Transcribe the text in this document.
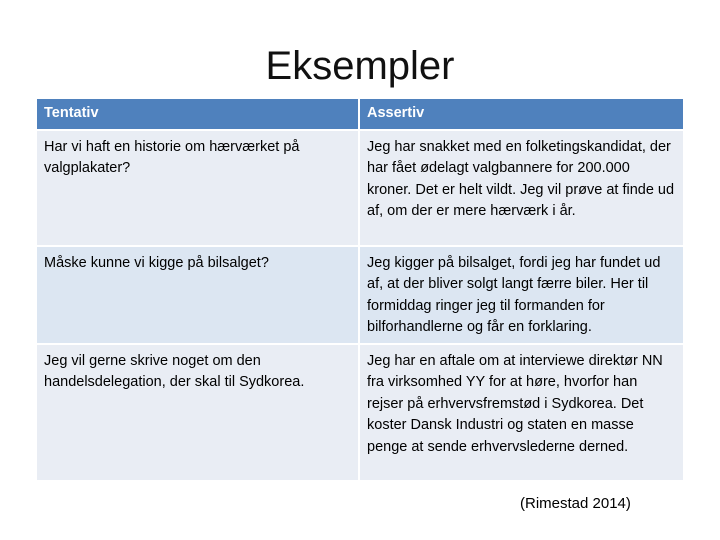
Eksempler
Tentativ	Assertiv
Har vi haft en historie om hærværket på valgplakater?	Jeg har snakket med en folketingskandidat, der har fået ødelagt valgbannere for 200.000 kroner. Det er helt vildt. Jeg vil prøve at finde ud af, om der er mere hærværk i år.
Måske kunne vi kigge på bilsalget?	Jeg kigger på bilsalget, fordi jeg har fundet ud af, at der bliver solgt langt færre biler. Her til formiddag ringer jeg til formanden for bilforhandlerne og får en forklaring.
Jeg vil gerne skrive noget om den handelsdelegation, der skal til Sydkorea.	Jeg har en aftale om at interviewe direktør NN fra virksomhed YY for at høre, hvorfor han rejser på erhvervsfremstød i Sydkorea. Det koster Dansk Industri og staten en masse penge at sende erhvervslederne derned.
(Rimestad 2014)
